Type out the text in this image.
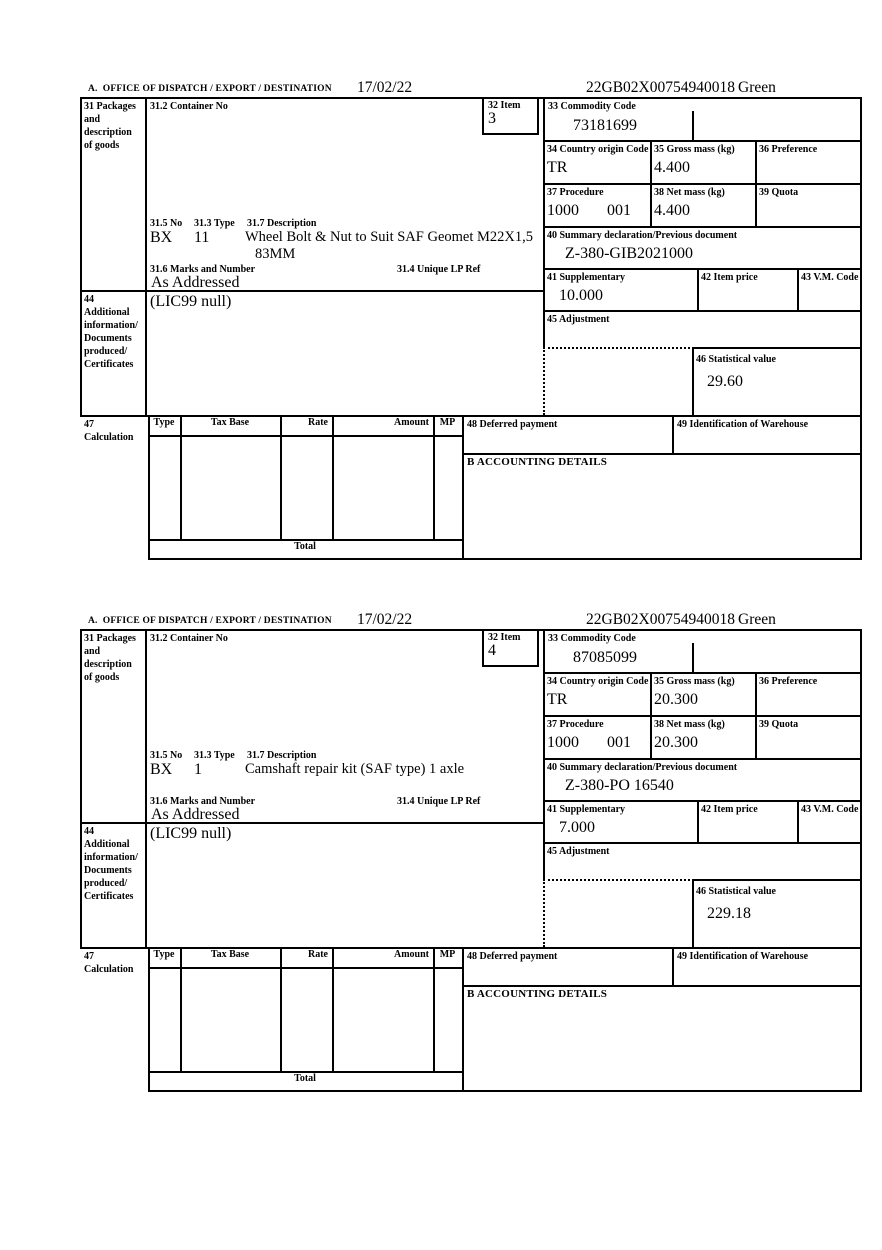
A.  OFFICE OF DISPATCH / EXPORT / DESTINATION 17/02/22	22GB02X00754940018 Green
31 Packages
and
description
of goods
31.2 Container No	32 Item
3
33 Commodity Code
73181699
34 Country origin Code
TR
35 Gross mass (kg)
4.400
36 Preference
37 Procedure
1000 001
38 Net mass (kg)
4.400
39 Quota
40 Summary declaration/Previous document
Z-380-GIB2021000
41 Supplementary
10.000
42 Item price	43 V.M. Code
45 Adjustment
46 Statistical value
29.60
31.5 No 31.3 Type 31.7 Description
BX 11 Wheel Bolt & Nut to Suit SAF Geomet M22X1,5
83MM
31.6 Marks and Number	31.4 Unique LP Ref
As Addressed
44
Additional
information/
Documents
produced/
Certificates
(LIC99 null)
47
Calculation
Type	Tax Base	Rate	Amount	MP
Total
48 Deferred payment	49 Identification of Warehouse
B ACCOUNTING DETAILS
A.  OFFICE OF DISPATCH / EXPORT / DESTINATION 17/02/22	22GB02X00754940018 Green
31 Packages
and
description
of goods
31.2 Container No	32 Item
4
33 Commodity Code
87085099
34 Country origin Code
TR
35 Gross mass (kg)
20.300
36 Preference
37 Procedure
1000 001
38 Net mass (kg)
20.300
39 Quota
40 Summary declaration/Previous document
Z-380-PO 16540
41 Supplementary
7.000
42 Item price	43 V.M. Code
45 Adjustment
46 Statistical value
229.18
31.5 No 31.3 Type 31.7 Description
BX 1	Camshaft repair kit (SAF type) 1 axle
31.6 Marks and Number	31.4 Unique LP Ref
As Addressed
44
Additional
information/
Documents
produced/
Certificates
(LIC99 null)
47
Calculation
Type	Tax Base	Rate	Amount	MP
Total
48 Deferred payment	49 Identification of Warehouse
B ACCOUNTING DETAILS
